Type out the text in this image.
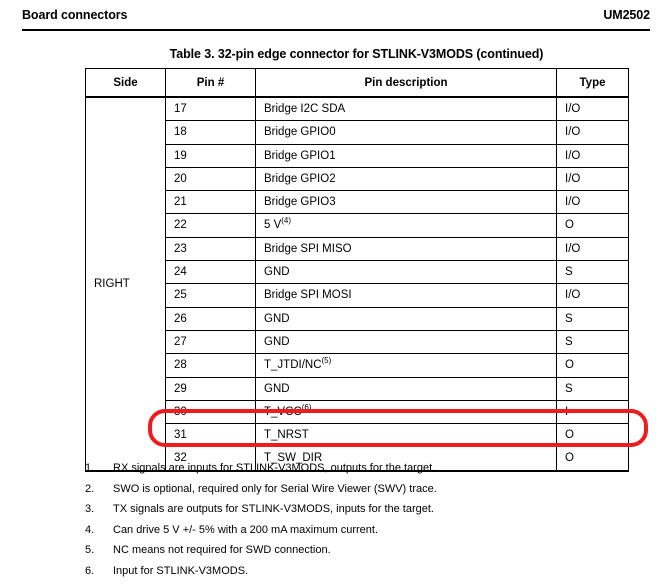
Board connectors	UM2502
Table 3. 32-pin edge connector for STLINK-V3MODS (continued)
Side	Pin #	Pin description	Type
RIGHT	17	Bridge I2C SDA	I/O
	18	Bridge GPIO0	I/O
	19	Bridge GPIO1	I/O
	20	Bridge GPIO2	I/O
	21	Bridge GPIO3	I/O
	22	5 $V^{(4)}$	O
	23	Bridge SPI MISO	I/O
	24	GND	S
	25	Bridge SPI MOSI	I/O
	26	GND	S
	27	GND	S
	28	T_JTDI/NC$^{(5)}$	O
	29	GND	S
	30	T_VCC$^{(6)}$	I
	31	T_NRST	O
	32	T_SW_DIR	O
1.	RX signals are inputs for STLINK-V3MODS, outputs for the target.
2.	SWO is optional, required only for Serial Wire Viewer (SWV) trace.
3.	TX signals are outputs for STLINK-V3MODS, inputs for the target.
4.	Can drive 5 V +/- 5% with a 200 mA maximum current.
5.	NC means not required for SWD connection.
6.	Input for STLINK-V3MODS.
